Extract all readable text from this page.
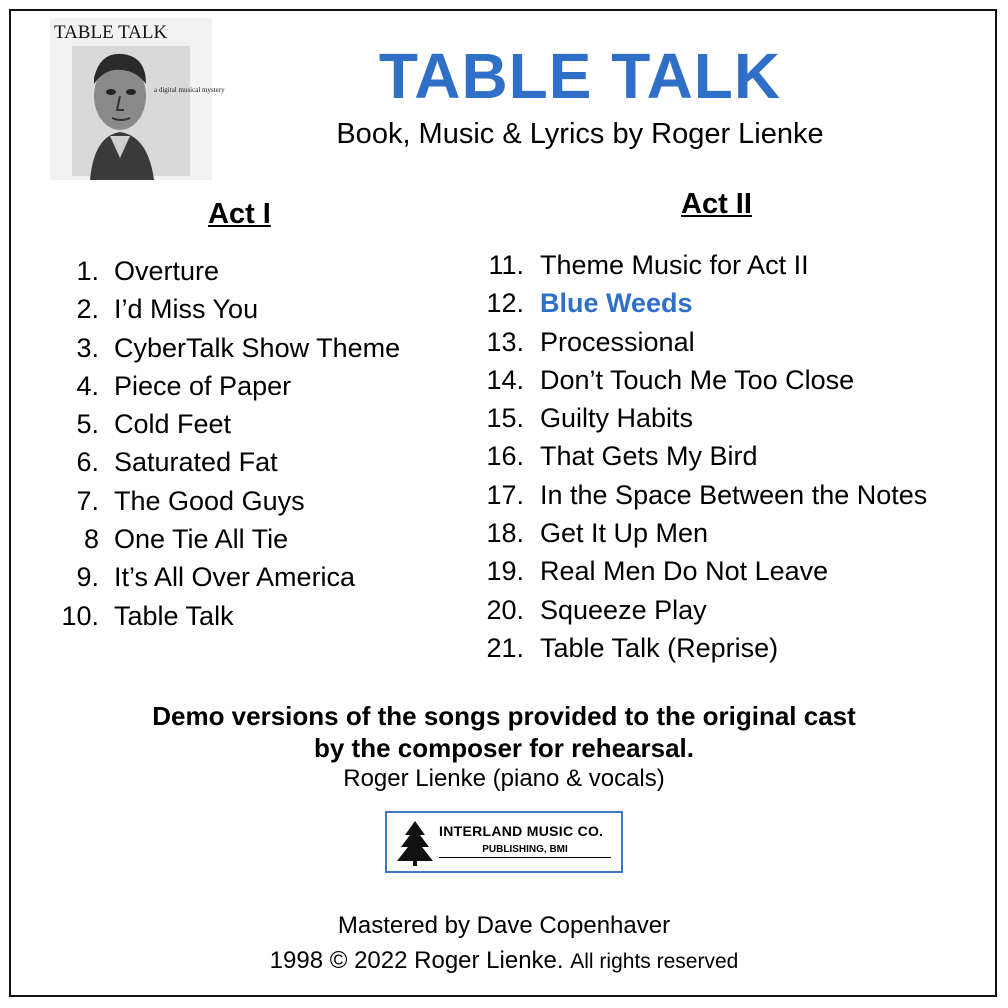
TABLE TALK
a digital musical mystery	TABLE TALK
Book, Music & Lyrics by Roger Lienke
Act I	Act II
1. Overture
2. I’d Miss You
3. CyberTalk Show Theme
4. Piece of Paper
5. Cold Feet
6. Saturated Fat
7. The Good Guys
8 One Tie All Tie
9. It’s All Over America
10. Table Talk
11. Theme Music for Act II
12. Blue Weeds
13. Processional
14. Don’t Touch Me Too Close
15. Guilty Habits
16. That Gets My Bird
17. In the Space Between the Notes
18. Get It Up Men
19. Real Men Do Not Leave
20. Squeeze Play
21. Table Talk (Reprise)
Demo versions of the songs provided to the original cast
by the composer for rehearsal.
Roger Lienke (piano & vocals)
INTERLAND MUSIC CO.
PUBLISHING, BMI
Mastered by Dave Copenhaver
1998 © 2022 Roger Lienke. All rights reserved
